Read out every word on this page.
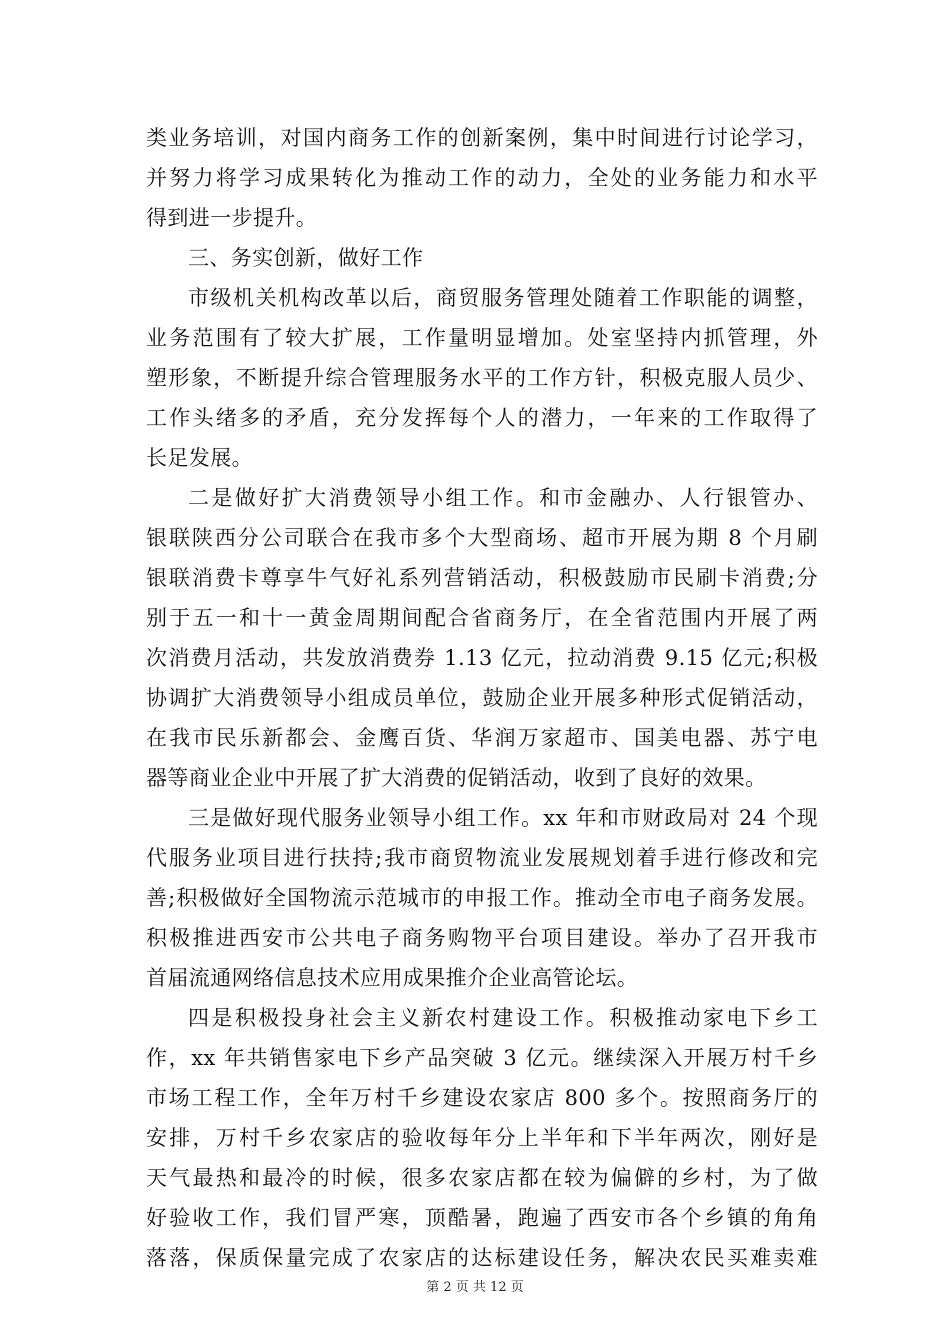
类业务培训，对国内商务工作的创新案例，集中时间进行讨论学习，
并努力将学习成果转化为推动工作的动力，全处的业务能力和水平
得到进一步提升。
三、务实创新，做好工作
市级机关机构改革以后，商贸服务管理处随着工作职能的调整，
业务范围有了较大扩展，工作量明显增加。处室坚持内抓管理，外
塑形象，不断提升综合管理服务水平的工作方针，积极克服人员少、
工作头绪多的矛盾，充分发挥每个人的潜力，一年来的工作取得了
长足发展。
二是做好扩大消费领导小组工作。和市金融办、人行银管办、
银联陕西分公司联合在我市多个大型商场、超市开展为期 8 个月刷
银联消费卡尊享牛气好礼系列营销活动，积极鼓励市民刷卡消费;分
别于五一和十一黄金周期间配合省商务厅，在全省范围内开展了两
次消费月活动，共发放消费券 1.13 亿元，拉动消费 9.15 亿元;积极
协调扩大消费领导小组成员单位，鼓励企业开展多种形式促销活动，
在我市民乐新都会、金鹰百货、华润万家超市、国美电器、苏宁电
器等商业企业中开展了扩大消费的促销活动，收到了良好的效果。
三是做好现代服务业领导小组工作。xx 年和市财政局对 24 个现
代服务业项目进行扶持;我市商贸物流业发展规划着手进行修改和完
善;积极做好全国物流示范城市的申报工作。推动全市电子商务发展。
积极推进西安市公共电子商务购物平台项目建设。举办了召开我市
首届流通网络信息技术应用成果推介企业高管论坛。
四是积极投身社会主义新农村建设工作。积极推动家电下乡工
作，xx 年共销售家电下乡产品突破 3 亿元。继续深入开展万村千乡
市场工程工作，全年万村千乡建设农家店 800 多个。按照商务厅的
安排，万村千乡农家店的验收每年分上半年和下半年两次，刚好是
天气最热和最冷的时候，很多农家店都在较为偏僻的乡村，为了做
好验收工作，我们冒严寒，顶酷暑，跑遍了西安市各个乡镇的角角
落落，保质保量完成了农家店的达标建设任务，解决农民买难卖难
第 2 页 共 12 页
